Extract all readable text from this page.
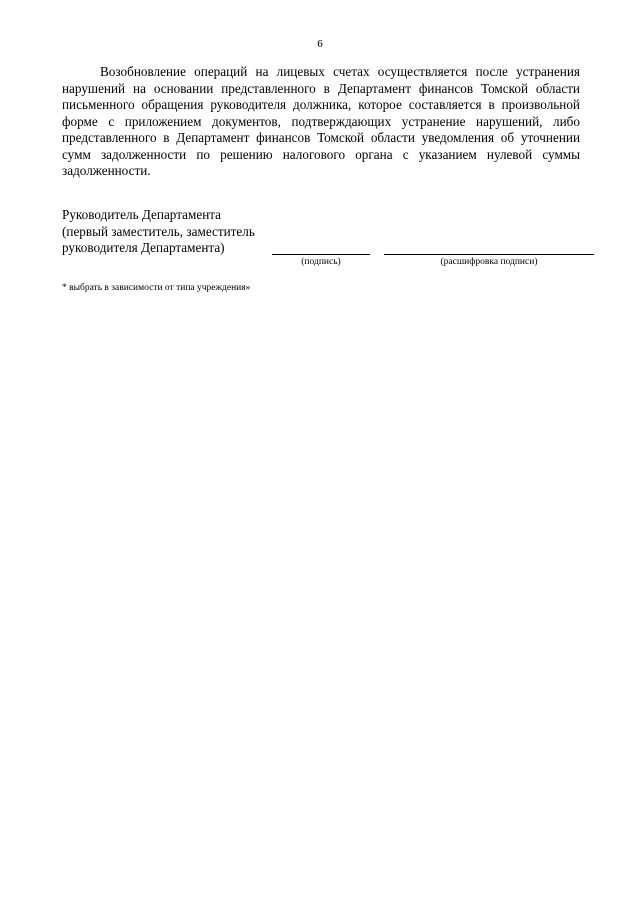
6

Возобновление операций на лицевых счетах осуществляется после устранения нарушений на основании представленного в Департамент финансов Томской области письменного обращения руководителя должника, которое составляется в произвольной форме с приложением документов, подтверждающих устранение нарушений, либо представленного в Департамент финансов Томской области уведомления об уточнении сумм задолженности по решению налогового органа с указанием нулевой суммы задолженности.

Руководитель Департамента
(первый заместитель, заместитель
руководителя Департамента)
(подпись)	(расшифровка подписи)
* выбрать в зависимости от типа учреждения»
